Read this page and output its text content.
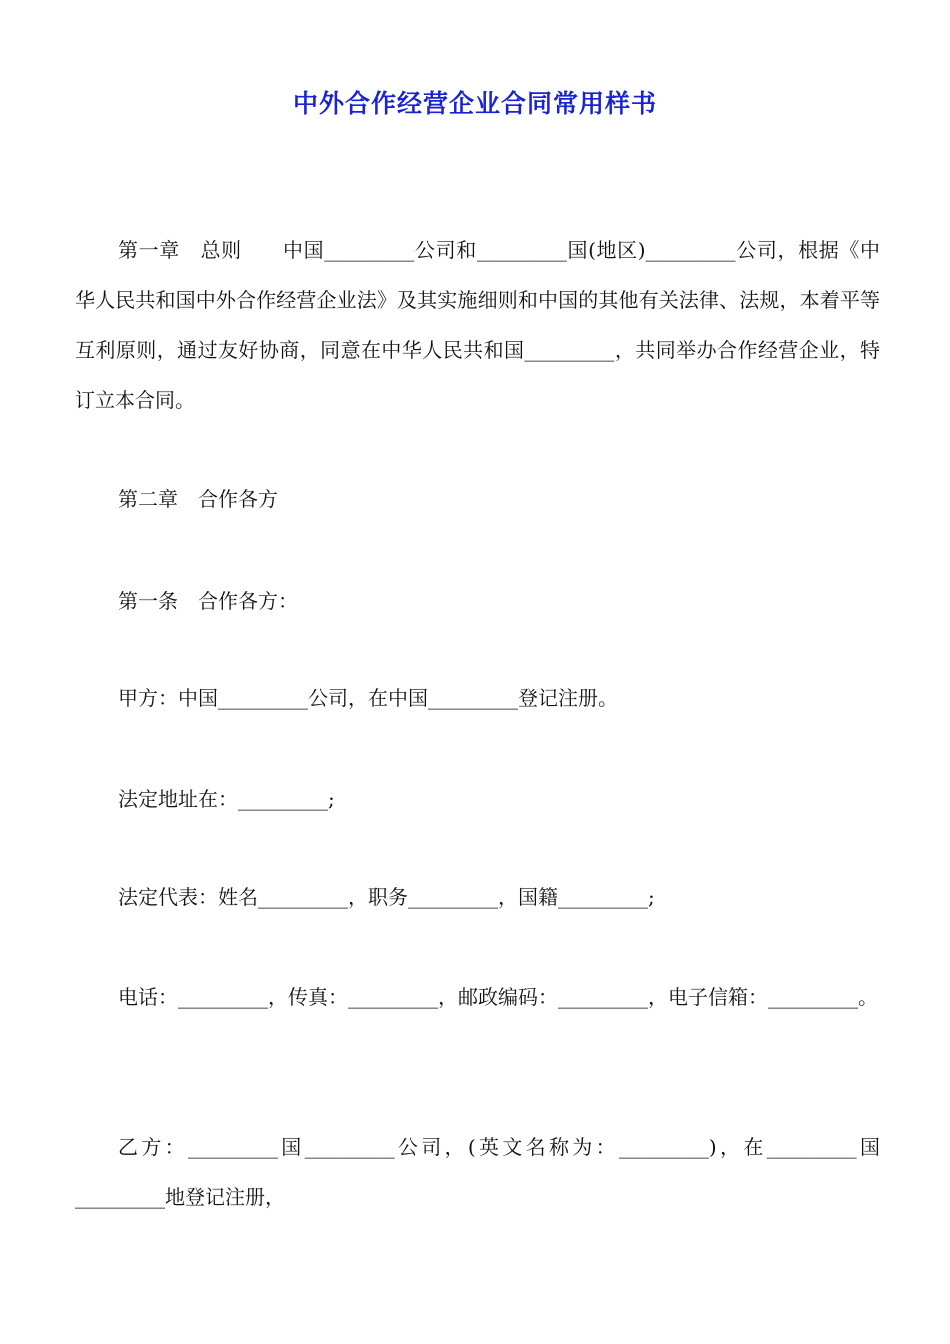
中外合作经营企业合同常用样书

第一章　总则　　中国_________公司和_________国(地区)_________公司，根据《中华人民共和国中外合作经营企业法》及其实施细则和中国的其他有关法律、法规，本着平等互利原则，通过友好协商，同意在中华人民共和国_________，共同举办合作经营企业，特订立本合同。

第二章　合作各方

第一条　合作各方：

甲方：中国_________公司，在中国_________登记注册。

法定地址在：_________;

法定代表：姓名_________，职务_________，国籍_________;

电话：_________，传真：_________，邮政编码：_________，电子信箱：_________。

乙方：_________国_________公司，(英文名称为：_________)，在_________国_________地登记注册，
